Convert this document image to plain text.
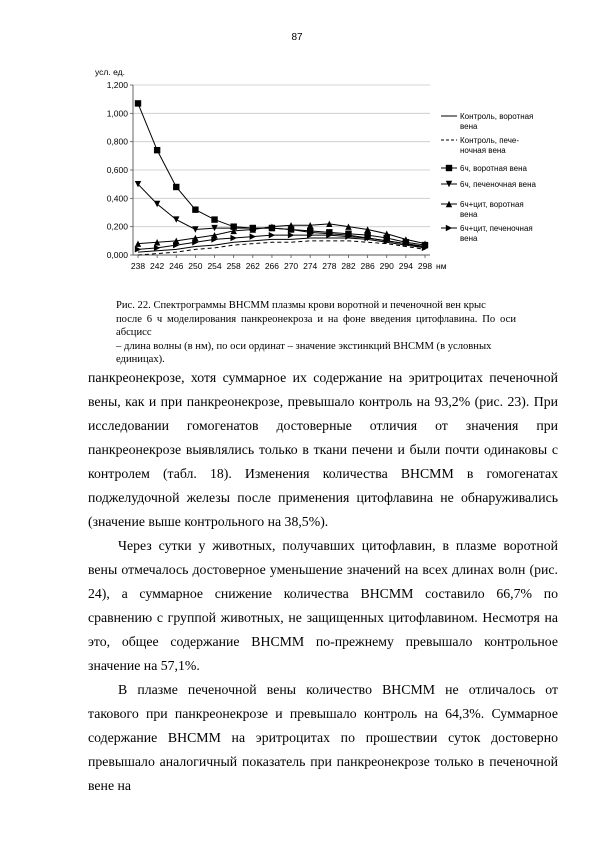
87
0,000
0,200
0,400
0,600
0,800
1,000
1,200
усл. ед.
238 242 246 250 254 258 262 266 270 274 278 282 286 290 294 298 нм
Контроль, воротная
вена
Контроль, пече-
ночная вена
6ч, воротная вена
6ч, печеночная вена
6ч+цит, воротная
вена
6ч+цит, печеночная
вена
Рис. 22. Спектрограммы ВНСММ плазмы крови воротной и печеночной вен крыс
после 6 ч моделирования панкреонекроза и на фоне введения цитофлавина. По оси абсцисс
– длина волны (в нм), по оси ординат – значение экстинкций ВНСММ (в условных
единицах).

панкреонекрозе, хотя суммарное их содержание на эритроцитах печеночной вены, как и при панкреонекрозе, превышало контроль на 93,2% (рис. 23). При исследовании гомогенатов достоверные отличия от значения при панкреонекрозе выявлялись только в ткани печени и были почти одинаковы с контролем (табл. 18). Изменения количества ВНСММ в гомогенатах поджелудочной железы после применения цитофлавина не обнаруживались (значение выше контрольного на 38,5%).

Через сутки у животных, получавших цитофлавин, в плазме воротной вены отмечалось достоверное уменьшение значений на всех длинах волн (рис. 24), а суммарное снижение количества ВНСММ составило 66,7% по сравнению с группой животных, не защищенных цитофлавином. Несмотря на это, общее содержание ВНСММ по-прежнему превышало контрольное значение на 57,1%.

В плазме печеночной вены количество ВНСММ не отличалось от такового при панкреонекрозе и превышало контроль на 64,3%. Суммарное содержание ВНСММ на эритроцитах по прошествии суток достоверно превышало аналогичный показатель при панкреонекрозе только в печеночной вене на
